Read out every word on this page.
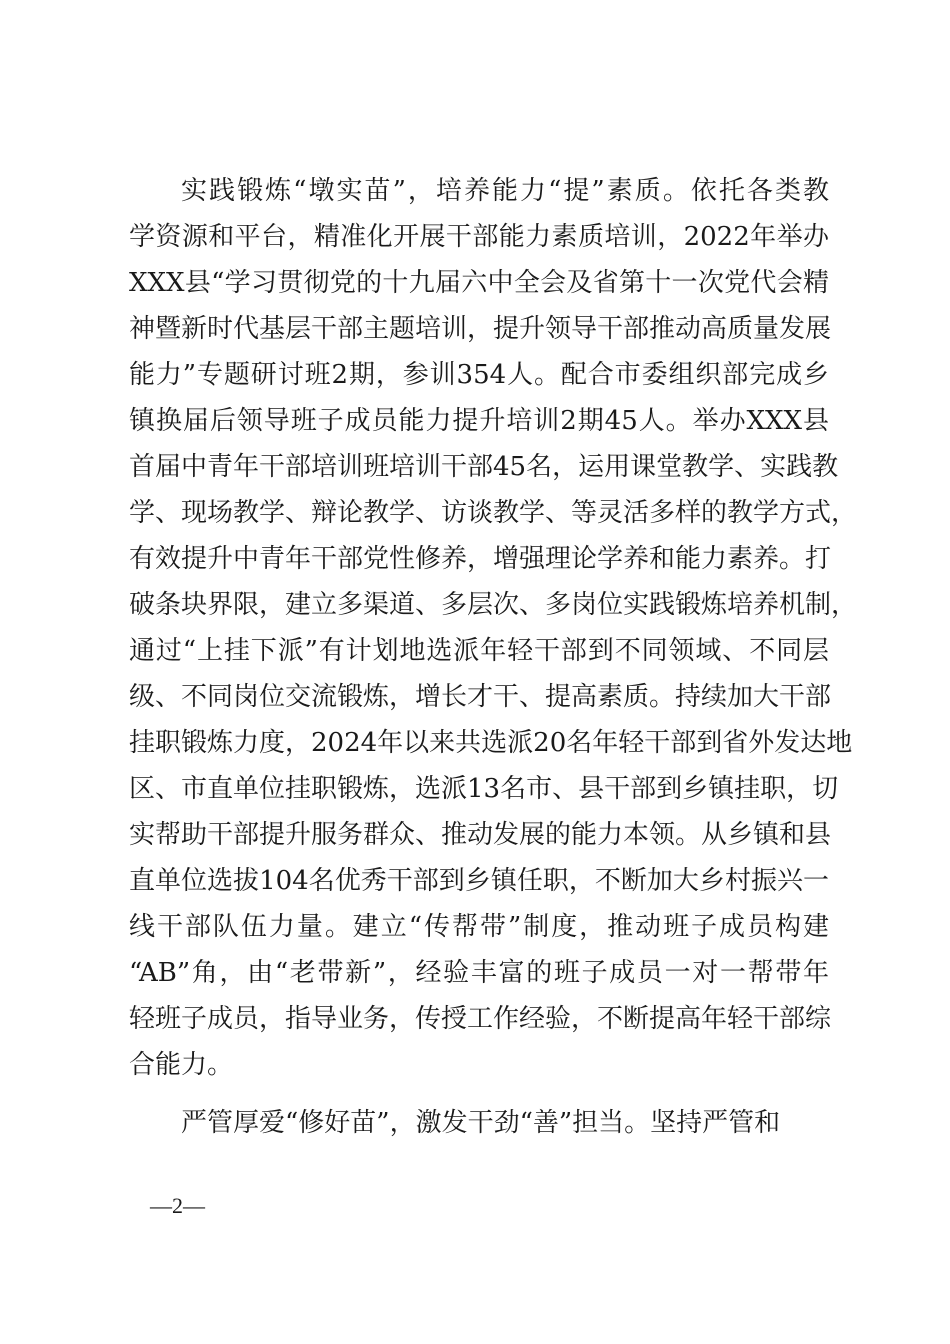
实践锻炼“墩实苗”，培养能力“提”素质。依托各类教
学资源和平台，精准化开展干部能力素质培训，2022年举办
XXX县“学习贯彻党的十九届六中全会及省第十一次党代会精
神暨新时代基层干部主题培训，提升领导干部推动高质量发展
能力”专题研讨班2期，参训354人。配合市委组织部完成乡
镇换届后领导班子成员能力提升培训2期45人。举办XXX县
首届中青年干部培训班培训干部45名，运用课堂教学、实践教
学、现场教学、辩论教学、访谈教学、等灵活多样的教学方式，
有效提升中青年干部党性修养，增强理论学养和能力素养。打
破条块界限，建立多渠道、多层次、多岗位实践锻炼培养机制，
通过“上挂下派”有计划地选派年轻干部到不同领域、不同层
级、不同岗位交流锻炼，增长才干、提高素质。持续加大干部
挂职锻炼力度，2024年以来共选派20名年轻干部到省外发达地
区、市直单位挂职锻炼，选派13名市、县干部到乡镇挂职，切
实帮助干部提升服务群众、推动发展的能力本领。从乡镇和县
直单位选拔104名优秀干部到乡镇任职，不断加大乡村振兴一
线干部队伍力量。建立“传帮带”制度，推动班子成员构建
“AB”角，由“老带新”，经验丰富的班子成员一对一帮带年
轻班子成员，指导业务，传授工作经验，不断提高年轻干部综
合能力。
严管厚爱“修好苗”，激发干劲“善”担当。坚持严管和
—2—
